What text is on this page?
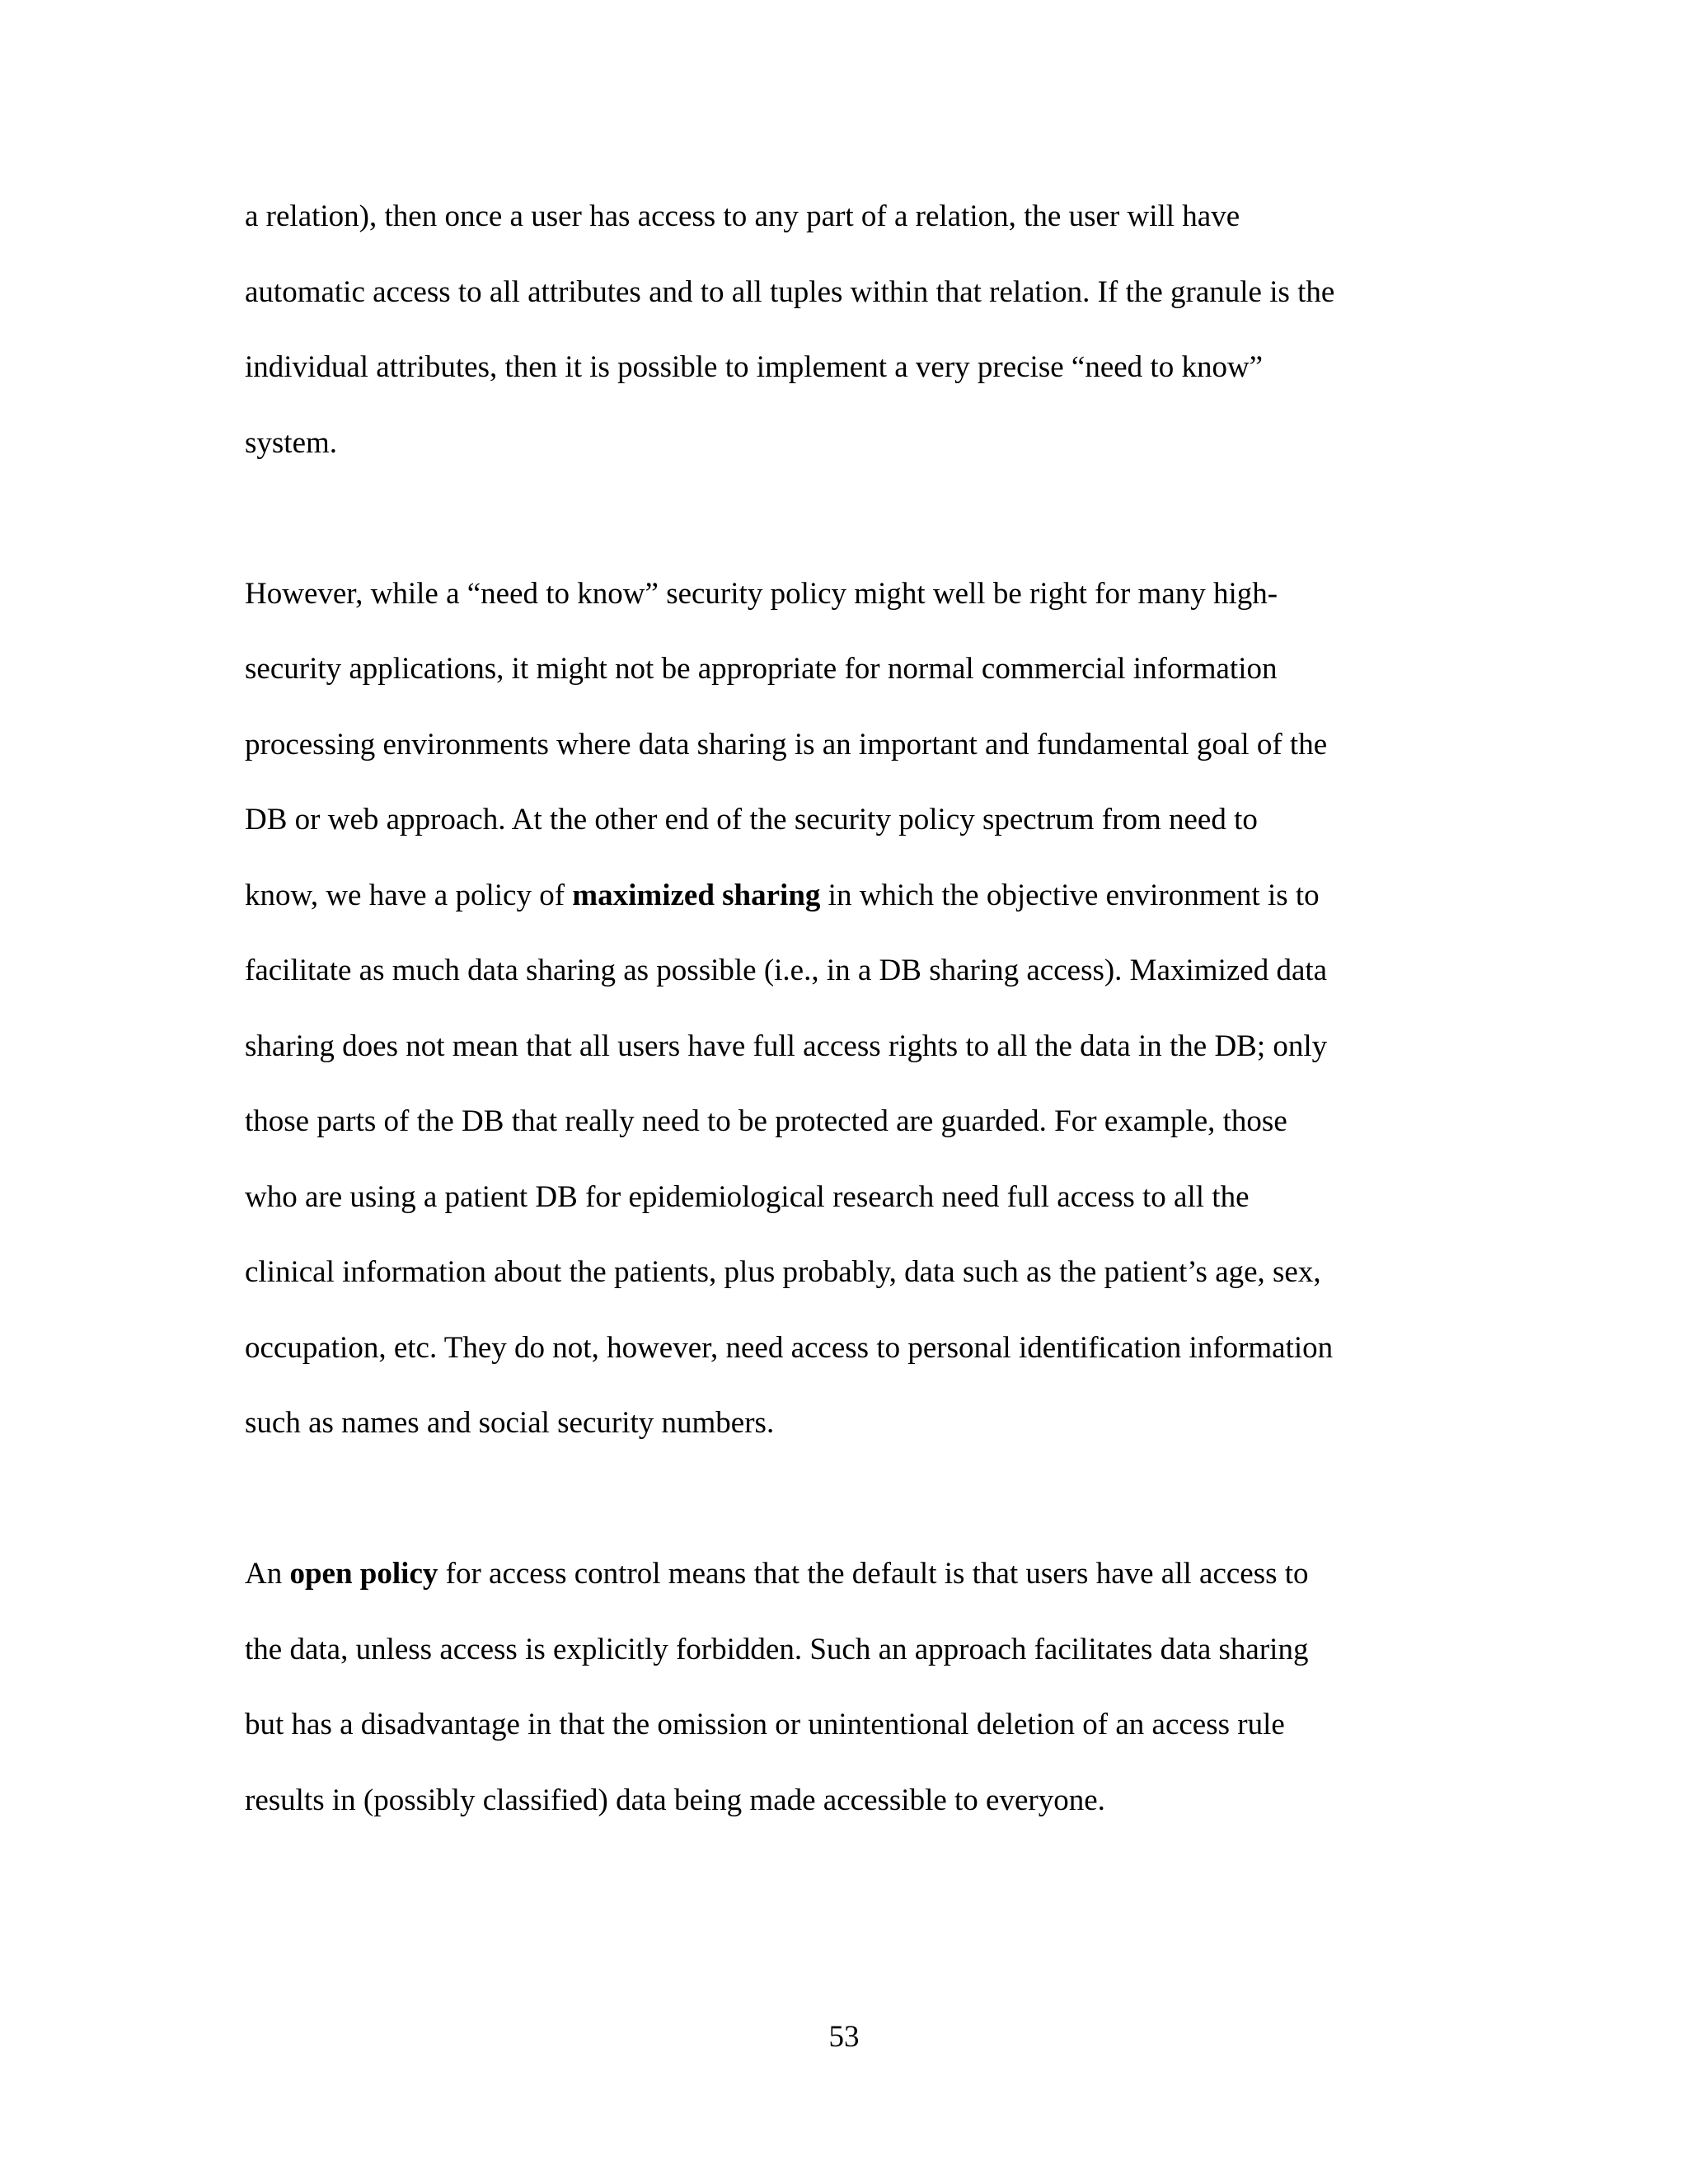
a relation), then once a user has access to any part of a relation, the user will have
automatic access to all attributes and to all tuples within that relation. If the granule is the
individual attributes, then it is possible to implement a very precise “need to know”
system.
However, while a “need to know” security policy might well be right for many high-
security applications, it might not be appropriate for normal commercial information
processing environments where data sharing is an important and fundamental goal of the
DB or web approach. At the other end of the security policy spectrum from need to
know, we have a policy of maximized sharing in which the objective environment is to
facilitate as much data sharing as possible (i.e., in a DB sharing access). Maximized data
sharing does not mean that all users have full access rights to all the data in the DB; only
those parts of the DB that really need to be protected are guarded. For example, those
who are using a patient DB for epidemiological research need full access to all the
clinical information about the patients, plus probably, data such as the patient’s age, sex,
occupation, etc. They do not, however, need access to personal identification information
such as names and social security numbers.
An open policy for access control means that the default is that users have all access to
the data, unless access is explicitly forbidden. Such an approach facilitates data sharing
but has a disadvantage in that the omission or unintentional deletion of an access rule
results in (possibly classified) data being made accessible to everyone.
53
